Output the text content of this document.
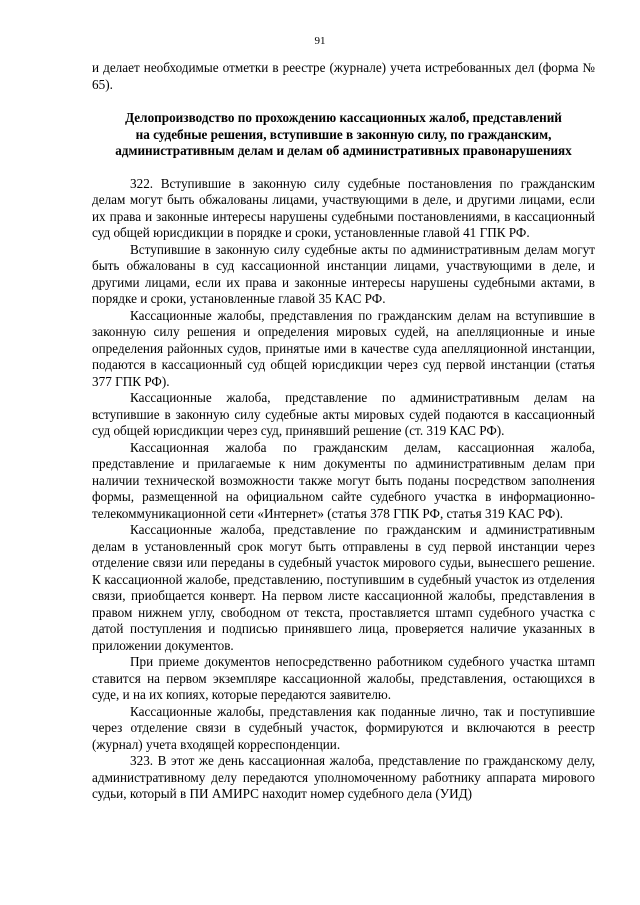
91

и делает необходимые отметки в реестре (журнале) учета истребованных дел (форма № 65).

Делопроизводство по прохождению кассационных жалоб, представлений
на судебные решения, вступившие в законную силу, по гражданским,
административным делам и делам об административных правонарушениях

322. Вступившие в законную силу судебные постановления по гражданским делам могут быть обжалованы лицами, участвующими в деле, и другими лицами, если их права и законные интересы нарушены судебными постановлениями, в кассационный суд общей юрисдикции в порядке и сроки, установленные главой 41 ГПК РФ.

Вступившие в законную силу судебные акты по административным делам могут быть обжалованы в суд кассационной инстанции лицами, участвующими в деле, и другими лицами, если их права и законные интересы нарушены судебными актами, в порядке и сроки, установленные главой 35 КАС РФ.

Кассационные жалобы, представления по гражданским делам на вступившие в законную силу решения и определения мировых судей, на апелляционные и иные определения районных судов, принятые ими в качестве суда апелляционной инстанции, подаются в кассационный суд общей юрисдикции через суд первой инстанции (статья 377 ГПК РФ).

Кассационные жалоба, представление по административным делам на вступившие в законную силу судебные акты мировых судей подаются в кассационный суд общей юрисдикции через суд, принявший решение (ст. 319 КАС РФ).

Кассационная жалоба по гражданским делам, кассационная жалоба, представление и прилагаемые к ним документы по административным делам при наличии технической возможности также могут быть поданы посредством заполнения формы, размещенной на официальном сайте судебного участка в информационно-телекоммуникационной сети «Интернет» (статья 378 ГПК РФ, статья 319 КАС РФ).

Кассационные жалоба, представление по гражданским и административным делам в установленный срок могут быть отправлены в суд первой инстанции через отделение связи или переданы в судебный участок мирового судьи, вынесшего решение. К кассационной жалобе, представлению, поступившим в судебный участок из отделения связи, приобщается конверт. На первом листе кассационной жалобы, представления в правом нижнем углу, свободном от текста, проставляется штамп судебного участка с датой поступления и подписью принявшего лица, проверяется наличие указанных в приложении документов.

При приеме документов непосредственно работником судебного участка штамп ставится на первом экземпляре кассационной жалобы, представления, остающихся в суде, и на их копиях, которые передаются заявителю.

Кассационные жалобы, представления как поданные лично, так и поступившие через отделение связи в судебный участок, формируются и включаются в реестр (журнал) учета входящей корреспонденции.

323. В этот же день кассационная жалоба, представление по гражданскому делу, административному делу передаются уполномоченному работнику аппарата мирового судьи, который в ПИ АМИРС находит номер судебного дела (УИД)
